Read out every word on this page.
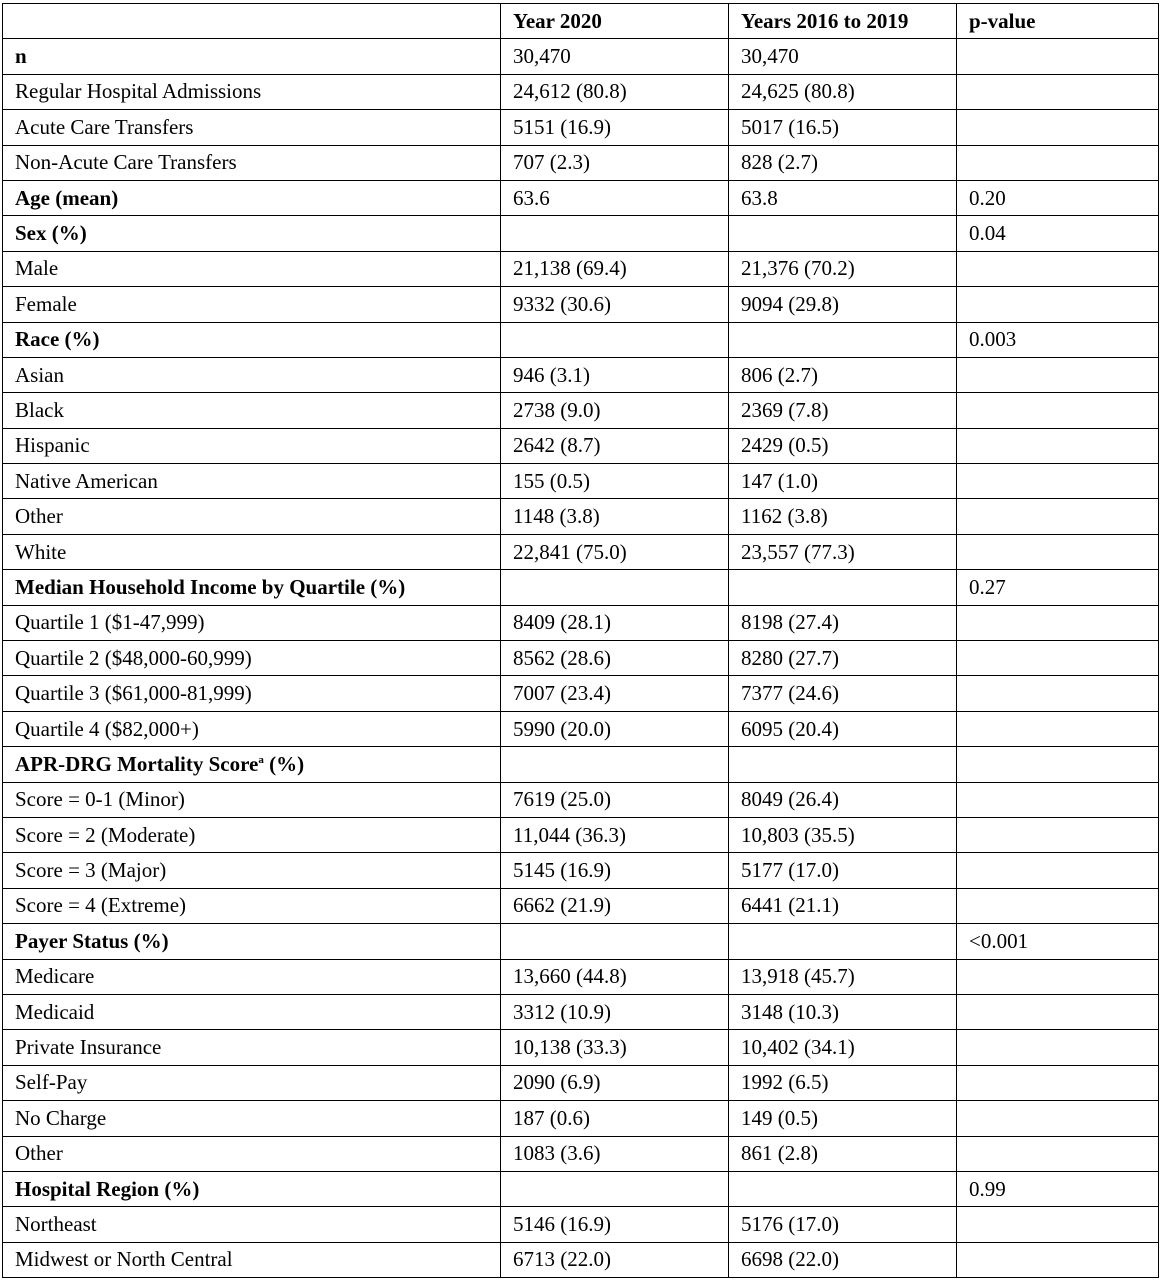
	Year 2020	Years 2016 to 2019	p-value
n	30,470	30,470	
Regular Hospital Admissions	24,612 (80.8)	24,625 (80.8)	
Acute Care Transfers	5151 (16.9)	5017 (16.5)	
Non-Acute Care Transfers	707 (2.3)	828 (2.7)	
Age (mean)	63.6	63.8	0.20
Sex (%)			0.04
Male	21,138 (69.4)	21,376 (70.2)	
Female	9332 (30.6)	9094 (29.8)	
Race (%)			0.003
Asian	946 (3.1)	806 (2.7)	
Black	2738 (9.0)	2369 (7.8)	
Hispanic	2642 (8.7)	2429 (0.5)	
Native American	155 (0.5)	147 (1.0)	
Other	1148 (3.8)	1162 (3.8)	
White	22,841 (75.0)	23,557 (77.3)	
Median Household Income by Quartile (%)			0.27
Quartile 1 ($1-47,999)	8409 (28.1)	8198 (27.4)	
Quartile 2 ($48,000-60,999)	8562 (28.6)	8280 (27.7)	
Quartile 3 ($61,000-81,999)	7007 (23.4)	7377 (24.6)	
Quartile 4 ($82,000+)	5990 (20.0)	6095 (20.4)	
APR-DRG Mortality Score$^a$ (%)			
Score = 0-1 (Minor)	7619 (25.0)	8049 (26.4)	
Score = 2 (Moderate)	11,044 (36.3)	10,803 (35.5)	
Score = 3 (Major)	5145 (16.9)	5177 (17.0)	
Score = 4 (Extreme)	6662 (21.9)	6441 (21.1)	
Payer Status (%)			<0.001
Medicare	13,660 (44.8)	13,918 (45.7)	
Medicaid	3312 (10.9)	3148 (10.3)	
Private Insurance	10,138 (33.3)	10,402 (34.1)	
Self-Pay	2090 (6.9)	1992 (6.5)	
No Charge	187 (0.6)	149 (0.5)	
Other	1083 (3.6)	861 (2.8)	
Hospital Region (%)			0.99
Northeast	5146 (16.9)	5176 (17.0)	
Midwest or North Central	6713 (22.0)	6698 (22.0)	
